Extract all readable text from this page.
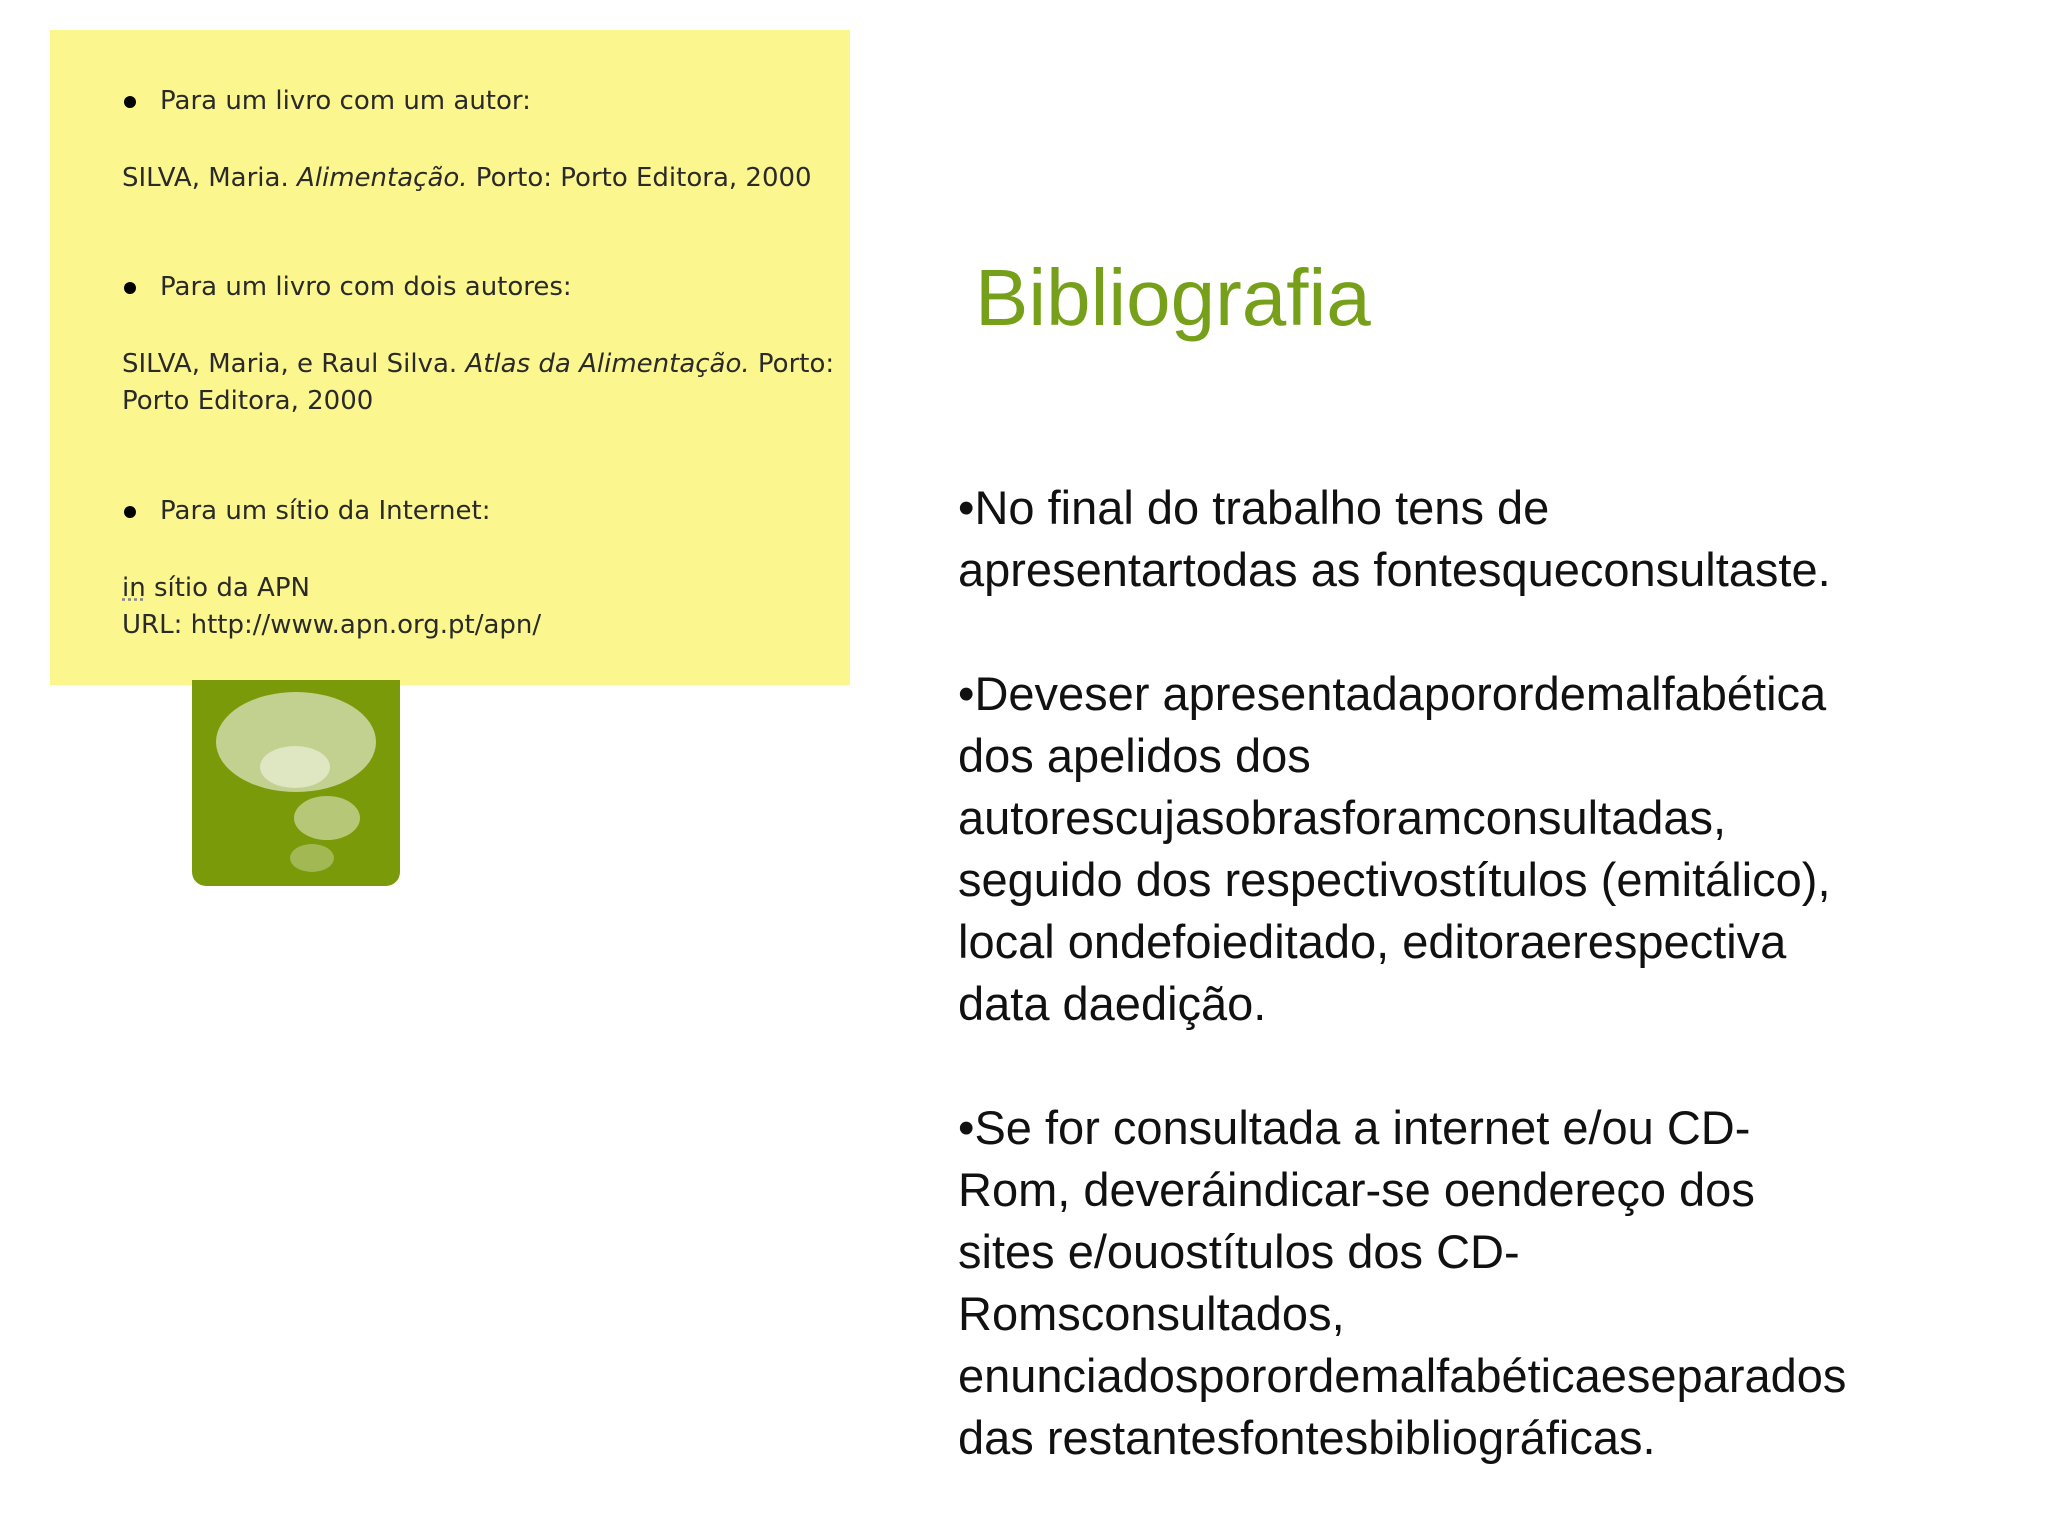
Para um livro com um autor:
SILVA, Maria. Alimentação. Porto: Porto Editora, 2000
Para um livro com dois autores:
SILVA, Maria, e Raul Silva. Atlas da Alimentação. Porto:
Porto Editora, 2000
Para um sítio da Internet:
in sítio da APN
URL: http://www.apn.org.pt/apn/
Bibliografia
•No final do trabalho tens de
apresentartodas as fontesqueconsultaste.
•Deveser apresentadaporordemalfabética
dos apelidos dos
autorescujasobrasforamconsultadas,
seguido dos respectivostítulos (emitálico),
local ondefoieditado, editoraerespectiva
data daedição.
•Se for consultada a internet e/ou CD-
Rom, deveráindicar-se oendereço dos
sites e/ouostítulos dos CD-
Romsconsultados,
enunciadosporordemalfabéticaeseparados
das restantesfontesbibliográficas.
